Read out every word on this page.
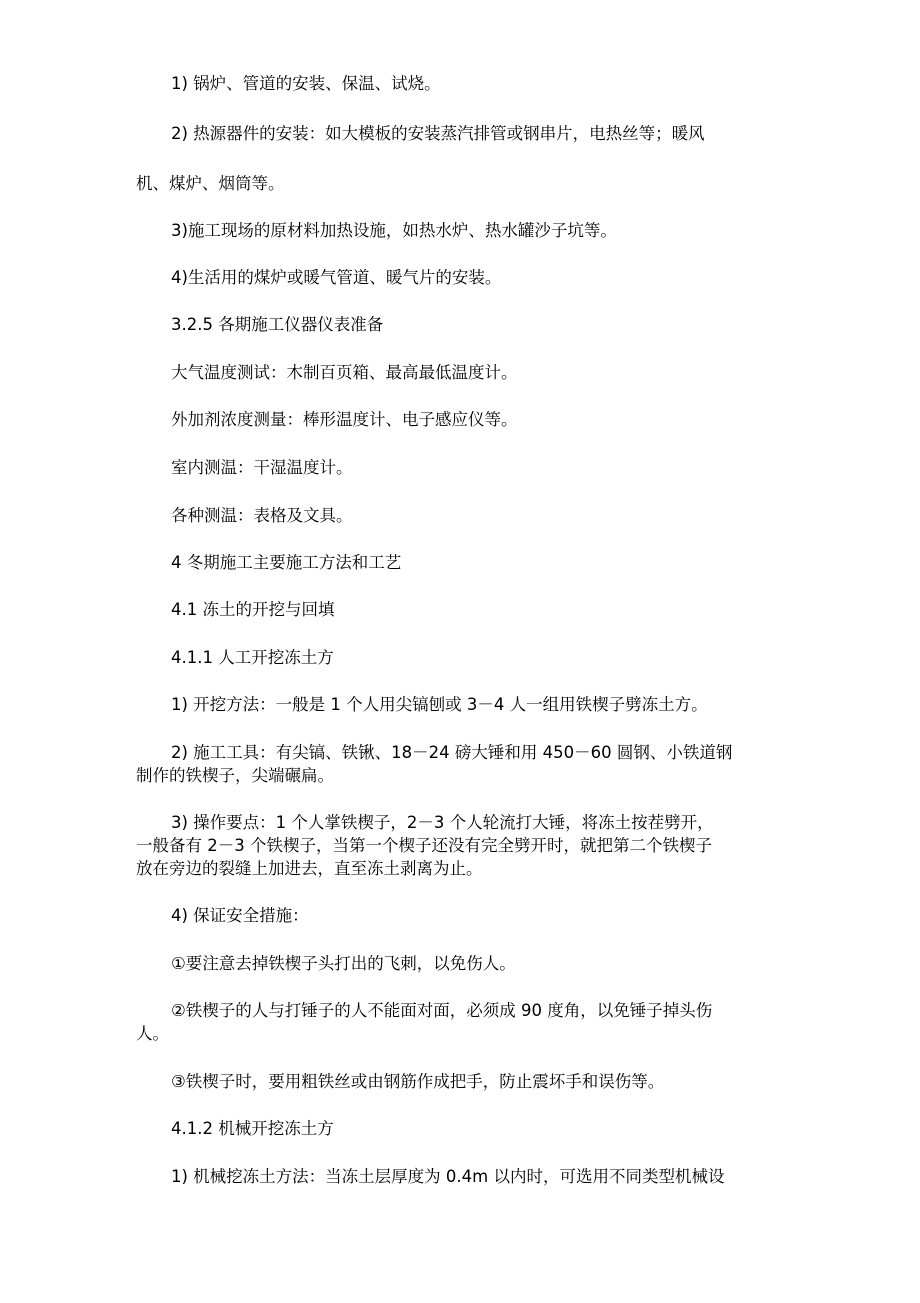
1) 锅炉、管道的安装、保温、试烧。
2) 热源器件的安装：如大模板的安装蒸汽排管或钢串片，电热丝等；暖风
机、煤炉、烟筒等。
3)施工现场的原材料加热设施，如热水炉、热水罐沙子坑等。
4)生活用的煤炉或暖气管道、暖气片的安装。
3.2.5 各期施工仪器仪表准备
大气温度测试：木制百页箱、最高最低温度计。
外加剂浓度测量：棒形温度计、电子感应仪等。
室内测温：干湿温度计。
各种测温：表格及文具。
4 冬期施工主要施工方法和工艺
4.1 冻土的开挖与回填
4.1.1 人工开挖冻土方
1) 开挖方法：一般是 1 个人用尖镐刨或 3－4 人一组用铁楔子劈冻土方。
2) 施工工具：有尖镐、铁锹、18－24 磅大锤和用 450－60 圆钢、小铁道钢
制作的铁楔子，尖端碾扁。
3) 操作要点：1 个人掌铁楔子，2－3 个人轮流打大锤，将冻土按茬劈开，
一般备有 2－3 个铁楔子，当第一个楔子还没有完全劈开时，就把第二个铁楔子
放在旁边的裂缝上加进去，直至冻土剥离为止。
4) 保证安全措施：
①要注意去掉铁楔子头打出的飞刺，以免伤人。
②铁楔子的人与打锤子的人不能面对面，必须成 90 度角，以免锤子掉头伤
人。
③铁楔子时，要用粗铁丝或由钢筋作成把手，防止震坏手和误伤等。
4.1.2 机械开挖冻土方
1) 机械挖冻土方法：当冻土层厚度为 0.4m 以内时，可选用不同类型机械设
